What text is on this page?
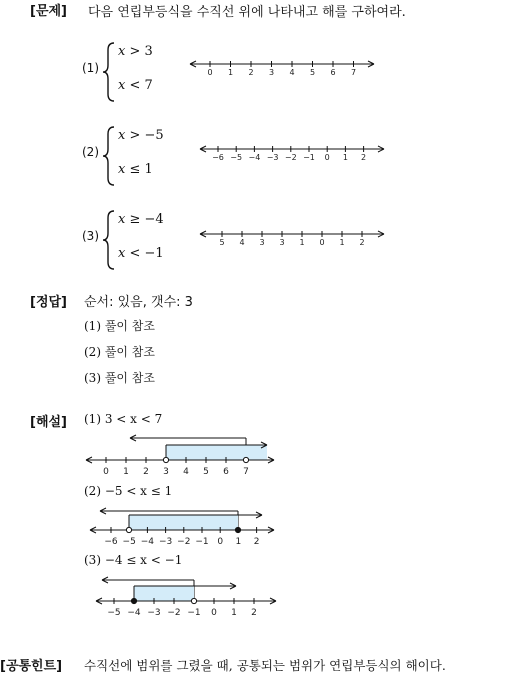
[문제] 다음 연립부등식을 수직선 위에 나타내고 해를 구하여라.
(1)
x > 3
x < 7
0 1 2 3 4 5 6 7
(2)
x > −5
x ≤ 1
−6 −5 −4 −3 −2 −1 0 1 2
(3)
x ≥ −4
x < −1
5 4 3 3 1 0 1 2
[정답] 순서: 있음, 갯수: 3
(1) 풀이 참조
(2) 풀이 참조
(3) 풀이 참조
[해설] (1) 3 < x < 7
0 1 2 3 4 5 6 7
(2) −5 < x ≤ 1
−6 −5 −4 −3 −2 −1 0 1 2
(3) −4 ≤ x < −1
−5 −4 −3 −2 −1 0 1 2
[공통힌트] 수직선에 범위를 그렸을 때, 공통되는 범위가 연립부등식의 해이다.
